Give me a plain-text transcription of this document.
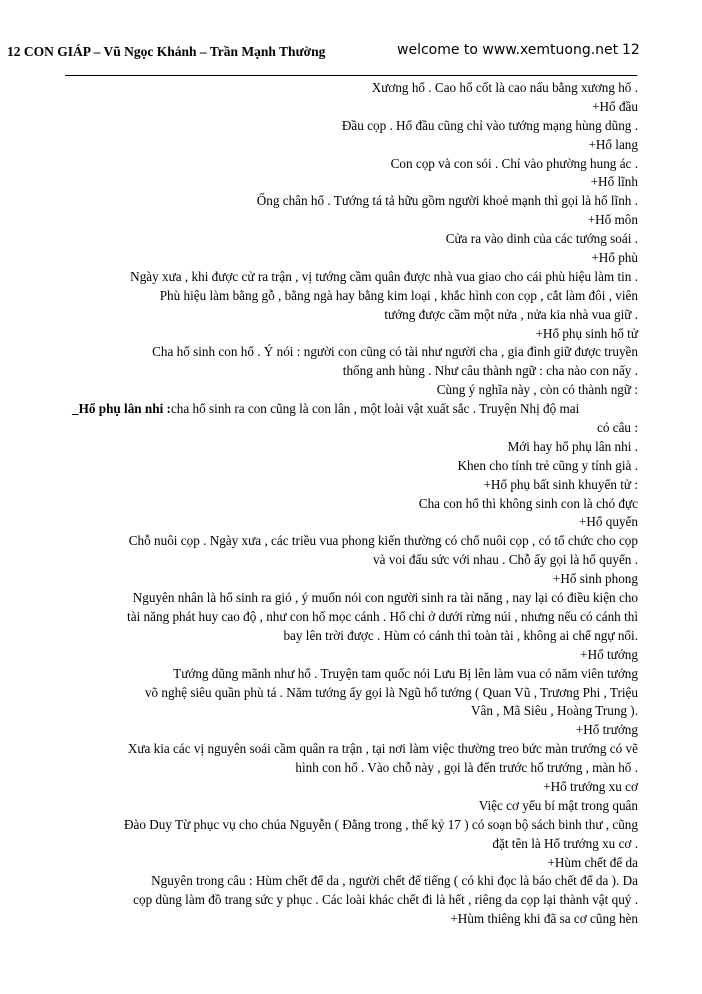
12 CON GIÁP – Vũ Ngọc Khánh – Trần Mạnh Thường	welcome to www.xemtuong.net 12
Xương hổ . Cao hổ cốt là cao nấu bằng xương hổ .
+Hổ đầu
Đầu cọp . Hổ đầu cũng chỉ vào tướng mạng hùng dũng .
+Hổ lang
Con cọp và con sói . Chỉ vào phường hung ác .
+Hổ lĩnh
Ống chân hổ . Tướng tá tả hữu gồm người khoẻ mạnh thì gọi là hổ lĩnh .
+Hổ môn
Cửa ra vào dinh của các tướng soái .
+Hổ phù
Ngày xưa , khi được cử ra trận , vị tướng cầm quân được nhà vua giao cho cái phù hiệu làm tin .
Phù hiệu làm bằng gỗ , bằng ngà hay bằng kim loại , khắc hình con cọp , cắt làm đôi , viên
tướng được cầm một nửa , nửa kia nhà vua giữ .
+Hổ phụ sinh hổ tử
Cha hổ sinh con hổ . Ý nói : người con cũng có tài như người cha , gia đình giữ được truyền
thống anh hùng . Như câu thành ngữ : cha nào con nấy .
Cùng ý nghĩa này , còn có thành ngữ :
_Hổ phụ lân nhi :cha hổ sinh ra con cũng là con lân , một loài vật xuất sắc . Truyện Nhị độ mai
có câu :
Mới hay hổ phụ lân nhi .
Khen cho tính trẻ cũng y tính già .
+Hổ phụ bất sinh khuyển tử :
Cha con hổ thì không sinh con là chó đực
+Hổ quyển
Chỗ nuôi cọp . Ngày xưa , các triều vua phong kiến thường có chổ nuôi cọp , có tổ chức cho cọp
và voi đấu sức với nhau . Chỗ ấy gọi là hổ quyển .
+Hổ sinh phong
Nguyên nhân là hổ sinh ra gió , ý muốn nói con người sinh ra tài năng , nay lại có điều kiện cho
tài năng phát huy cao độ , như con hổ mọc cánh . Hổ chỉ ở dưới rừng núi , nhưng nếu có cánh thì
bay lên trời được . Hùm có cánh thì toàn tài , không ai chế ngự nổi.
+Hổ tướng
Tướng dũng mãnh như hổ . Truyện tam quốc nói Lưu Bị lên làm vua có năm viên tướng
võ nghệ siêu quần phù tá . Năm tướng ấy gọi là Ngũ hổ tướng ( Quan Vũ , Trương Phi , Triệu
Vân , Mã Siêu , Hoàng Trung ).
+Hổ trướng
Xưa kia các vị nguyên soái cầm quân ra trận , tại nơi làm việc thường treo bức màn trướng có vẽ
hình con hổ . Vào chỗ này , gọi là đến trước hổ trướng , màn hổ .
+Hổ trướng xu cơ
Việc cơ yếu bí mật trong quân
Đào Duy Từ phục vụ cho chúa Nguyễn ( Đằng trong , thế kỷ 17 ) có soạn bộ sách binh thư , cũng
đặt tên là Hổ trướng xu cơ .
+Hùm chết để da
Nguyên trong câu : Hùm chết để da , người chết để tiếng ( có khi đọc là báo chết để da ). Da
cọp dùng làm đồ trang sức y phục . Các loài khác chết đi là hết , riêng da cọp lại thành vật quý .
+Hùm thiêng khi đã sa cơ cũng hèn
